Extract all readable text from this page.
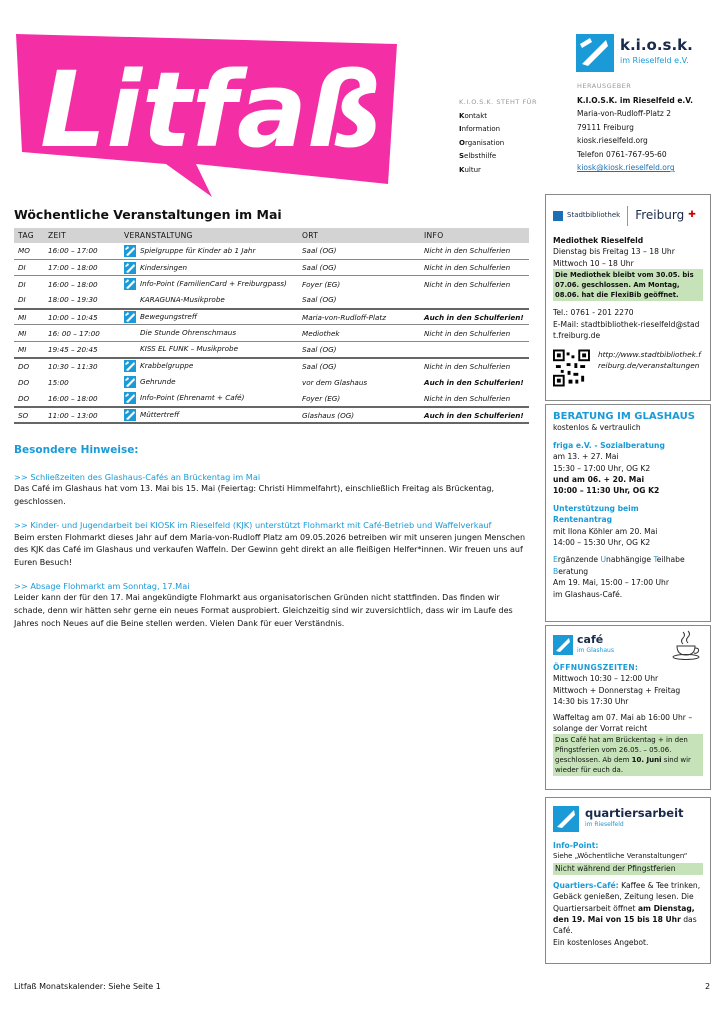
Litfaß	K.I.O.S.K. STEHT FÜR
Kontakt
Information
Organisation
Selbsthilfe
Kultur
k.i.o.s.k.
im Rieselfeld e.V.
HERAUSGEBER
K.I.O.S.K. im Rieselfeld e.V.
Maria-von-Rudloff-Platz 2
79111 Freiburg
kiosk.rieselfeld.org
Telefon 0761-767-95-60
kiosk@kiosk.rieselfeld.org
Wöchentliche Veranstaltungen im Mai
TAG	ZEIT	VERANSTALTUNG	ORT	INFO
MO	16:00 – 17:00	Spielgruppe für Kinder ab 1 Jahr	Saal (OG)	Nicht in den Schulferien
DI	17:00 – 18:00	Kindersingen	Saal (OG)	Nicht in den Schulferien
DI	16:00 – 18:00	Info-Point (FamilienCard + Freiburgpass)	Foyer (EG)	Nicht in den Schulferien
DI	18:00 – 19:30	KARAGUNA-Musikprobe	Saal (OG)	
MI	10:00 – 10:45	Bewegungstreff	Maria-von-Rudloff-Platz	Auch in den Schulferien!
MI	16: 00 – 17:00	Die Stunde Ohrenschmaus	Mediothek	Nicht in den Schulferien
MI	19:45 – 20:45	KISS EL FUNK – Musikprobe	Saal (OG)	
DO	10:30 – 11:30	Krabbelgruppe	Saal (OG)	Nicht in den Schulferien
DO	15:00	Gehrunde	vor dem Glashaus	Auch in den Schulferien!
DO	16:00 – 18:00	Info-Point (Ehrenamt + Café)	Foyer (EG)	Nicht in den Schulferien
SO	11:00 – 13:00	Müttertreff	Glashaus (OG)	Auch in den Schulferien!
Besondere Hinweise:
>> Schließzeiten des Glashaus-Cafés an Brückentag im Mai

Das Café im Glashaus hat vom 13. Mai bis 15. Mai (Feiertag: Christi Himmelfahrt), einschließlich Freitag als Brückentag, geschlossen.

>> Kinder- und Jugendarbeit bei KIOSK im Rieselfeld (KJK) unterstützt Flohmarkt mit Café-Betrieb und Waffelverkauf

Beim ersten Flohmarkt dieses Jahr auf dem Maria-von-Rudloff Platz am 09.05.2026 betreiben wir mit unseren jungen Menschen des KJK das Café im Glashaus und verkaufen Waffeln. Der Gewinn geht direkt an alle fleißigen Helfer*innen. Wir freuen uns auf Euren Besuch!

>> Absage Flohmarkt am Sonntag, 17.Mai

Leider kann der für den 17. Mai angekündigte Flohmarkt aus organisatorischen Gründen nicht stattfinden. Das finden wir schade, denn wir hätten sehr gerne ein neues Format ausprobiert. Gleichzeitig sind wir zuversichtlich, dass wir im Laufe des Jahres noch Neues auf die Beine stellen werden. Vielen Dank für euer Verständnis.

Litfaß Monatskalender: Siehe Seite 1	2
Stadtbibliothek Freiburg ✚
Mediothek Rieselfeld
Dienstag bis Freitag 13 – 18 Uhr
Mittwoch 10 – 18 Uhr
Die Mediothek bleibt vom 30.05. bis 07.06. geschlossen. Am Montag, 08.06. hat die FlexiBib geöffnet.
Tel.: 0761 - 201 2270
E-Mail: stadtbibliothek-rieselfeld@stadt.freiburg.de
http://www.stadtbibliothek.freiburg.de/veranstaltungen
BERATUNG IM GLASHAUS
kostenlos & vertraulich
friga e.V. - Sozialberatung
am 13. + 27. Mai
15:30 – 17:00 Uhr, OG K2
und am 06. + 20. Mai
10:00 – 11:30 Uhr, OG K2
Unterstützung beim Rentenantrag
mit Ilona Köhler am 20. Mai
14:00 – 15:30 Uhr, OG K2
Ergänzende Unabhängige Teilhabe Beratung
Am 19. Mai, 15:00 – 17:00 Uhr
im Glashaus-Café.
café
im Glashaus
ÖFFNUNGSZEITEN:
Mittwoch 10:30 – 12:00 Uhr
Mittwoch + Donnerstag + Freitag
14:30 bis 17:30 Uhr
Waffeltag am 07. Mai ab 16:00 Uhr – solange der Vorrat reicht
Das Café hat am Brückentag + in den Pfingstferien vom 26.05. – 05.06. geschlossen. Ab dem 10. Juni sind wir wieder für euch da.
quartiersarbeit
im Rieselfeld
Info-Point:
Siehe „Wöchentliche Veranstaltungen“
Nicht während der Pfingstferien
Quartiers-Café: Kaffee & Tee trinken, Gebäck genießen, Zeitung lesen. Die Quartiersarbeit öffnet am Dienstag, den 19. Mai von 15 bis 18 Uhr das Café.
Ein kostenloses Angebot.
